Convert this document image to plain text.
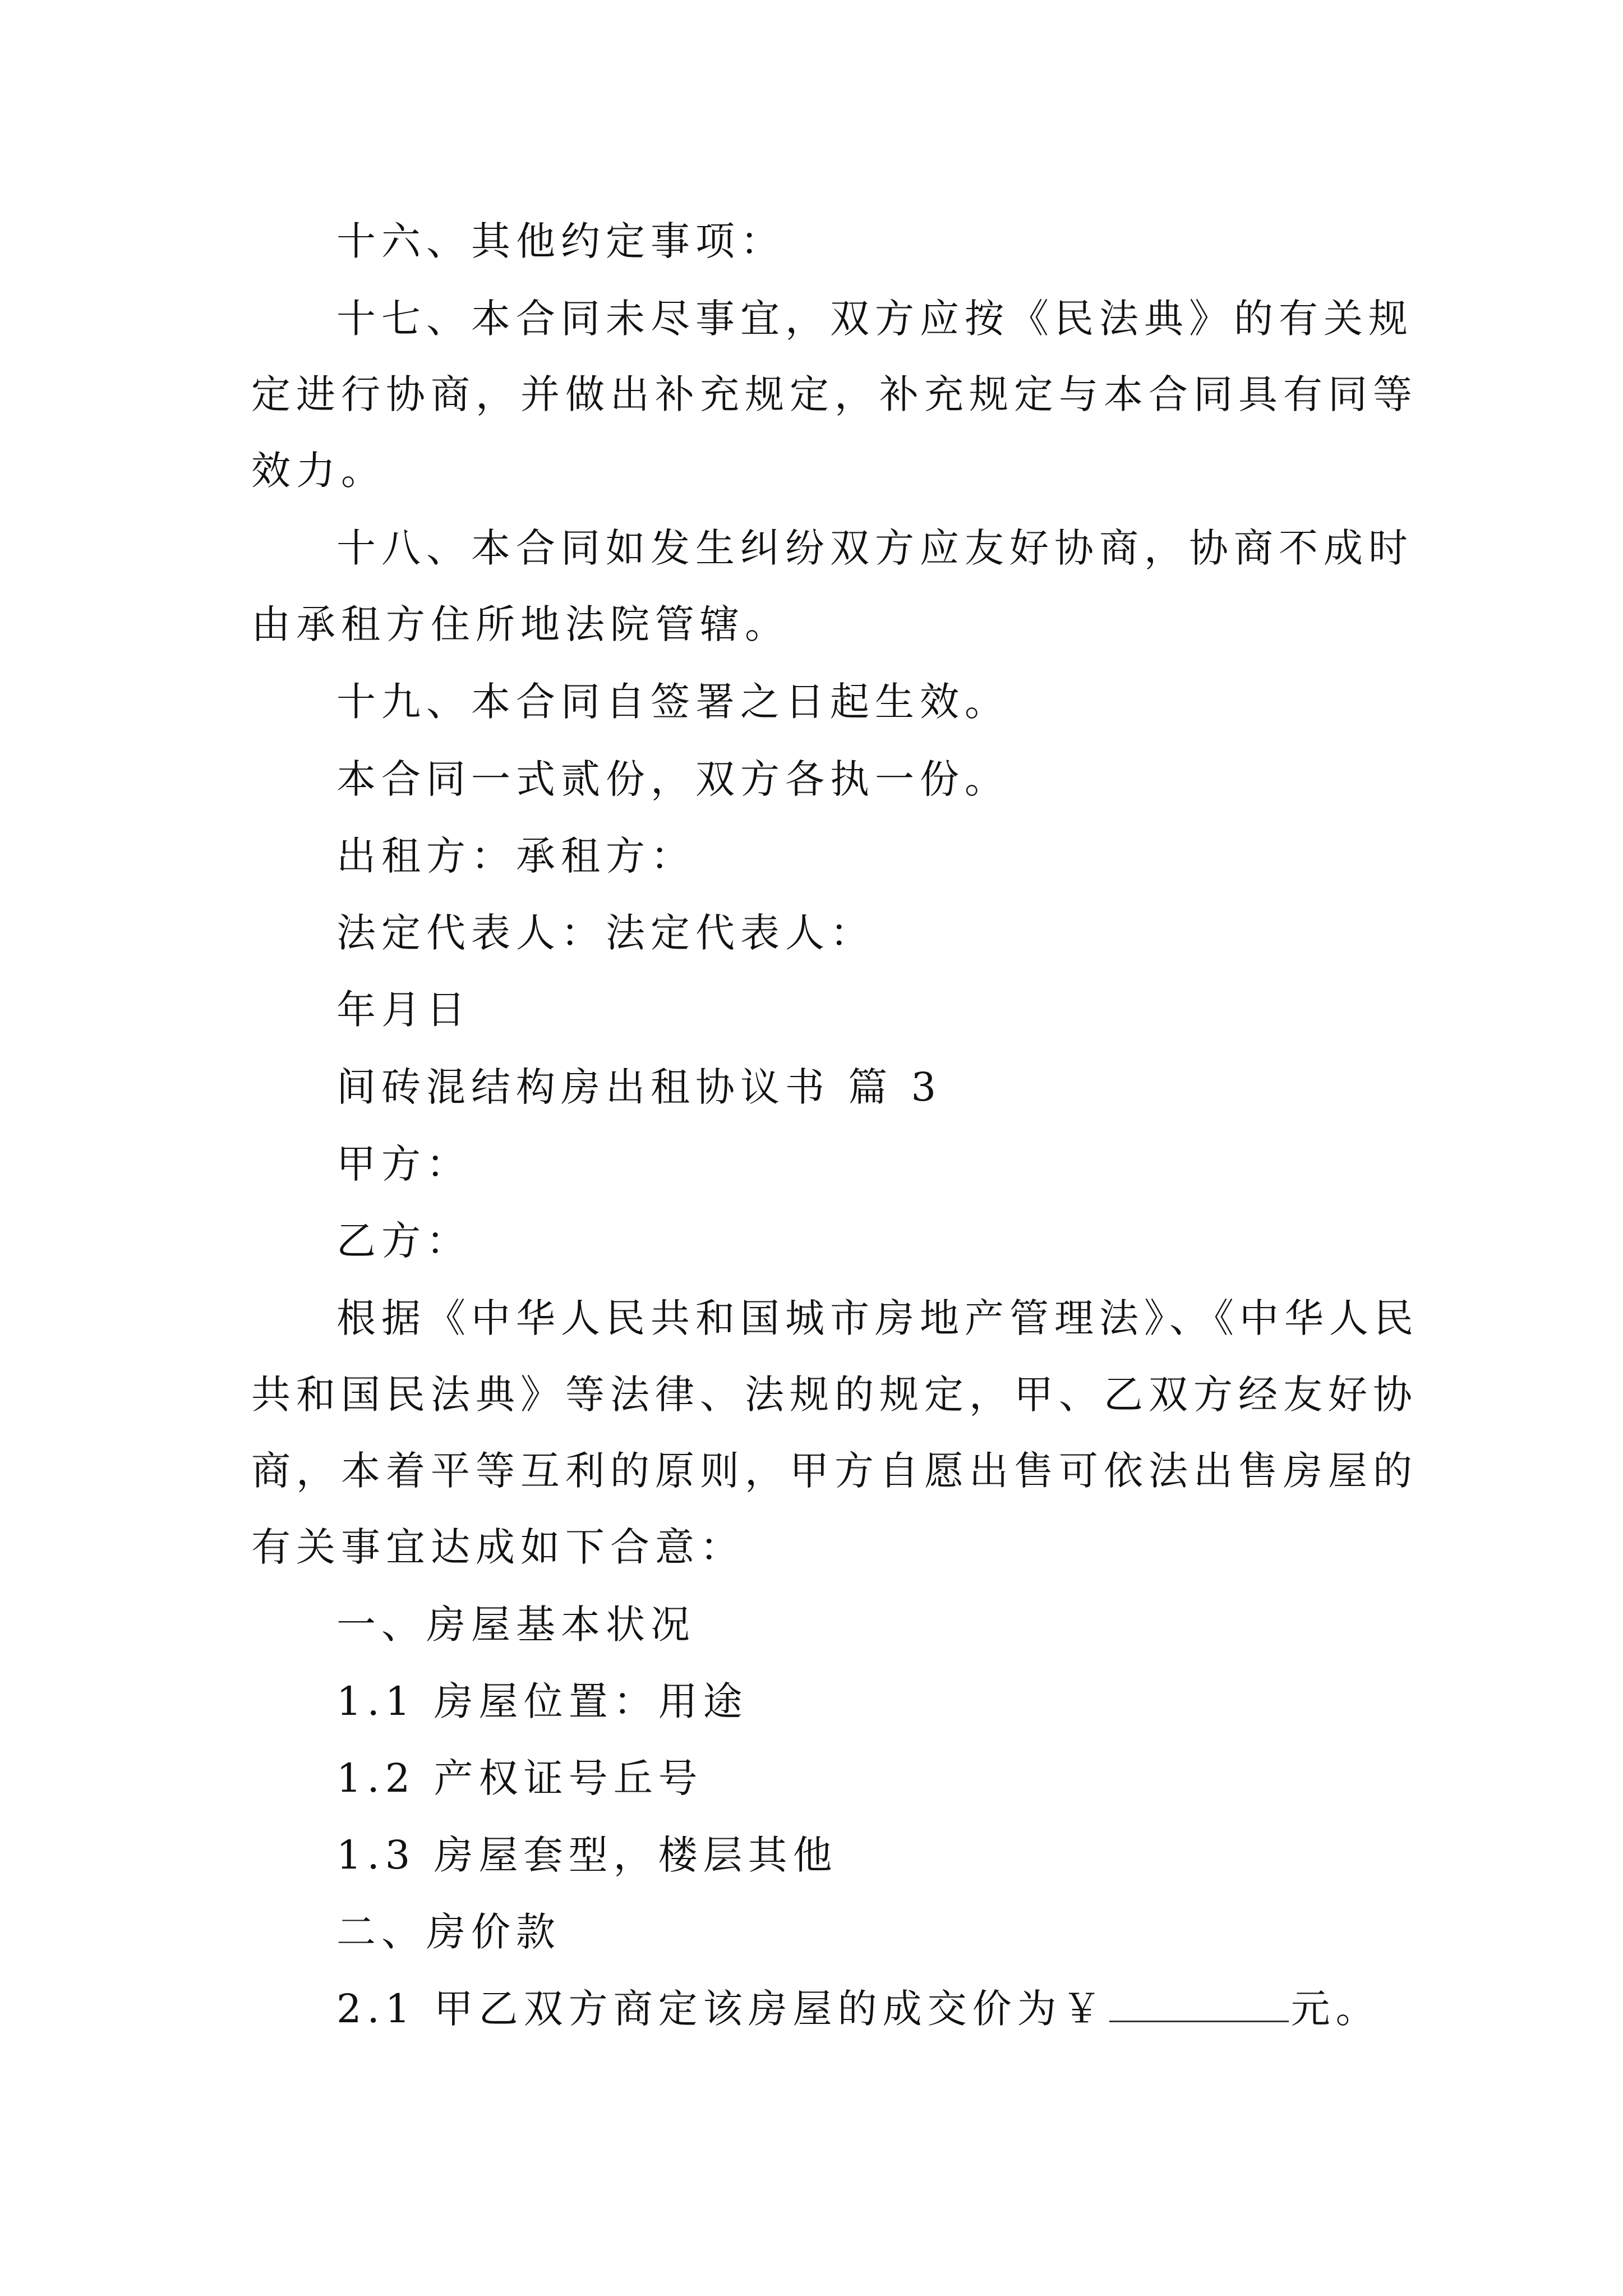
十六、其他约定事项：

十七、本合同未尽事宜，双方应按《民法典》的有关规

定进行协商，并做出补充规定，补充规定与本合同具有同等

效力。

十八、本合同如发生纠纷双方应友好协商，协商不成时

由承租方住所地法院管辖。

十九、本合同自签署之日起生效。

本合同一式贰份，双方各执一份。

出租方：承租方：

法定代表人：法定代表人：

年月日

间砖混结构房出租协议书 篇 3

甲方：

乙方：

根据《中华人民共和国城市房地产管理法》、《中华人民

共和国民法典》等法律、法规的规定，甲、乙双方经友好协

商，本着平等互利的原则，甲方自愿出售可依法出售房屋的

有关事宜达成如下合意：

一、房屋基本状况

1.1 房屋位置：用途

1.2 产权证号丘号

1.3 房屋套型，楼层其他

二、房价款

2.1 甲乙双方商定该房屋的成交价为￥	元。
